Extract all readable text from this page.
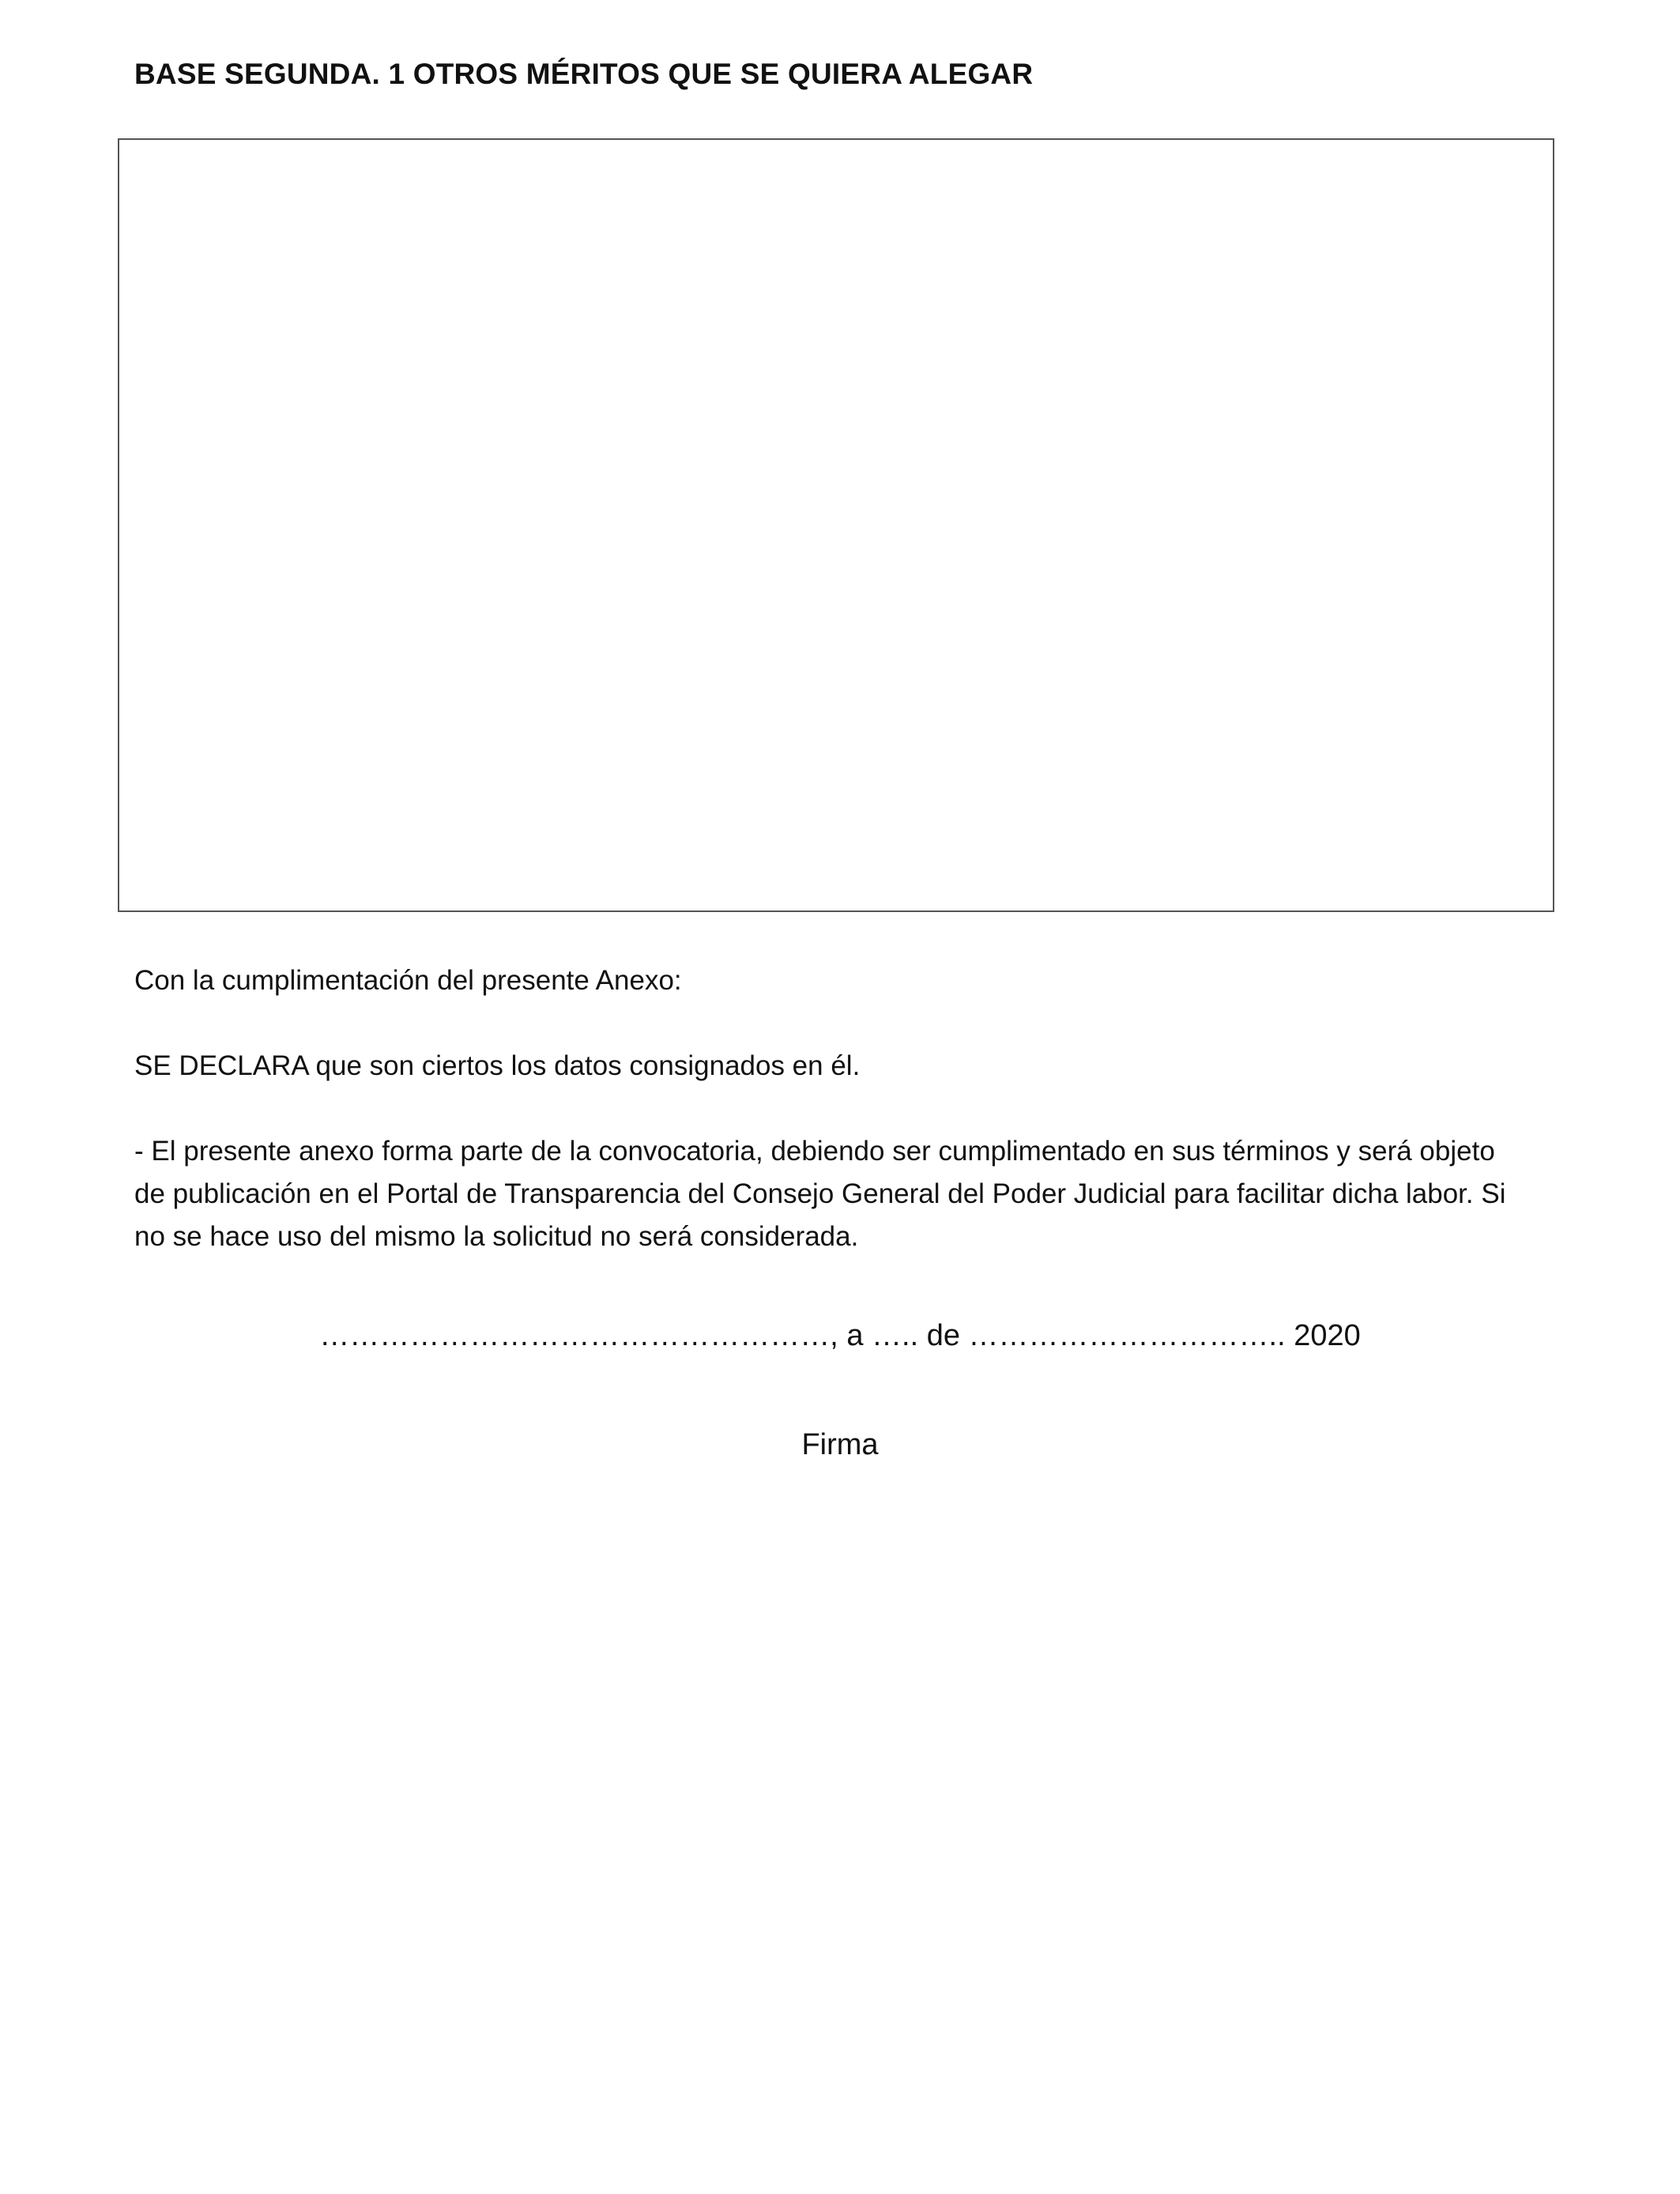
BASE SEGUNDA. 1 OTROS MÉRITOS QUE SE QUIERA ALEGAR

Con la cumplimentación del presente Anexo:

SE DECLARA que son ciertos los datos consignados en él.

- El presente anexo forma parte de la convocatoria, debiendo ser cumplimentado en sus términos y será objeto
de publicación en el Portal de Transparencia del Consejo General del Poder Judicial para facilitar dicha labor. Si
no se hace uso del mismo la solicitud no será considerada.
……………………………………………, a ….. de ………………………….. 2020
Firma
